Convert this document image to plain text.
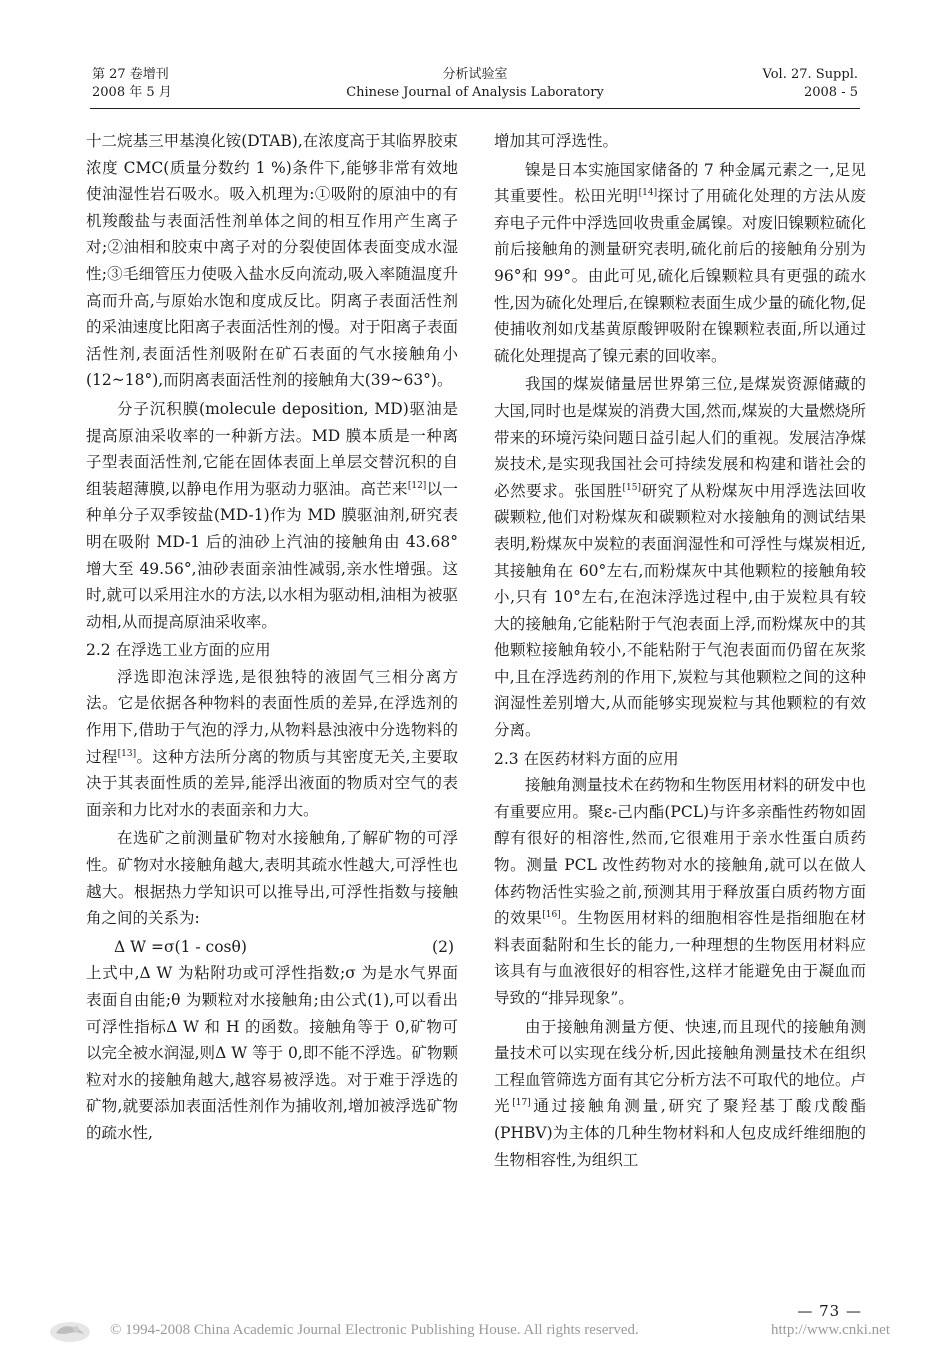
第 27 卷增刊
2008 年 5 月
分析试验室
Chinese Journal of Analysis Laboratory
Vol. 27. Suppl.
2008 - 5

十二烷基三甲基溴化铵(DTAB),在浓度高于其临界胶束浓度 CMC(质量分数约 1 %)条件下,能够非常有效地使油湿性岩石吸水。吸入机理为:①吸附的原油中的有机羧酸盐与表面活性剂单体之间的相互作用产生离子对;②油相和胶束中离子对的分裂使固体表面变成水湿性;③毛细管压力使吸入盐水反向流动,吸入率随温度升高而升高,与原始水饱和度成反比。阴离子表面活性剂的采油速度比阳离子表面活性剂的慢。对于阳离子表面活性剂,表面活性剂吸附在矿石表面的气水接触角小(12~18°),而阴离表面活性剂的接触角大(39~63°)。

分子沉积膜(molecule deposition, MD)驱油是提高原油采收率的一种新方法。MD 膜本质是一种离子型表面活性剂,它能在固体表面上单层交替沉积的自组装超薄膜,以静电作用为驱动力驱油。高芒来[12]以一种单分子双季铵盐(MD-1)作为 MD 膜驱油剂,研究表明在吸附 MD-1 后的油砂上汽油的接触角由 43.68°增大至 49.56°,油砂表面亲油性减弱,亲水性增强。这时,就可以采用注水的方法,以水相为驱动相,油相为被驱动相,从而提高原油采收率。

2.2 在浮选工业方面的应用

浮选即泡沫浮选,是很独特的液固气三相分离方法。它是依据各种物料的表面性质的差异,在浮选剂的作用下,借助于气泡的浮力,从物料悬浊液中分选物料的过程[13]。这种方法所分离的物质与其密度无关,主要取决于其表面性质的差异,能浮出液面的物质对空气的表面亲和力比对水的表面亲和力大。

在选矿之前测量矿物对水接触角,了解矿物的可浮性。矿物对水接触角越大,表明其疏水性越大,可浮性也越大。根据热力学知识可以推导出,可浮性指数与接触角之间的关系为:

Δ W =σ(1 - cosθ)	(2)

上式中,Δ W 为粘附功或可浮性指数;σ 为是水气界面表面自由能;θ 为颗粒对水接触角;由公式(1),可以看出可浮性指标Δ W 和 H 的函数。接触角等于 0,矿物可以完全被水润湿,则Δ W 等于 0,即不能不浮选。矿物颗粒对水的接触角越大,越容易被浮选。对于难于浮选的矿物,就要添加表面活性剂作为捕收剂,增加被浮选矿物的疏水性,

增加其可浮选性。

镍是日本实施国家储备的 7 种金属元素之一,足见其重要性。松田光明[14]探讨了用硫化处理的方法从废弃电子元件中浮选回收贵重金属镍。对废旧镍颗粒硫化前后接触角的测量研究表明,硫化前后的接触角分别为 96°和 99°。由此可见,硫化后镍颗粒具有更强的疏水性,因为硫化处理后,在镍颗粒表面生成少量的硫化物,促使捕收剂如戊基黄原酸钾吸附在镍颗粒表面,所以通过硫化处理提高了镍元素的回收率。

我国的煤炭储量居世界第三位,是煤炭资源储藏的大国,同时也是煤炭的消费大国,然而,煤炭的大量燃烧所带来的环境污染问题日益引起人们的重视。发展洁净煤炭技术,是实现我国社会可持续发展和构建和谐社会的必然要求。张国胜[15]研究了从粉煤灰中用浮选法回收碳颗粒,他们对粉煤灰和碳颗粒对水接触角的测试结果表明,粉煤灰中炭粒的表面润湿性和可浮性与煤炭相近,其接触角在 60°左右,而粉煤灰中其他颗粒的接触角较小,只有 10°左右,在泡沫浮选过程中,由于炭粒具有较大的接触角,它能粘附于气泡表面上浮,而粉煤灰中的其他颗粒接触角较小,不能粘附于气泡表面而仍留在灰浆中,且在浮选药剂的作用下,炭粒与其他颗粒之间的这种润湿性差别增大,从而能够实现炭粒与其他颗粒的有效分离。

2.3 在医药材料方面的应用

接触角测量技术在药物和生物医用材料的研发中也有重要应用。聚ε-己内酯(PCL)与许多亲酯性药物如固醇有很好的相溶性,然而,它很难用于亲水性蛋白质药物。测量 PCL 改性药物对水的接触角,就可以在做人体药物活性实验之前,预测其用于释放蛋白质药物方面的效果[16]。生物医用材料的细胞相容性是指细胞在材料表面黏附和生长的能力,一种理想的生物医用材料应该具有与血液很好的相容性,这样才能避免由于凝血而导致的“排异现象”。

由于接触角测量方便、快速,而且现代的接触角测量技术可以实现在线分析,因此接触角测量技术在组织工程血管筛选方面有其它分析方法不可取代的地位。卢光[17]通过接触角测量,研究了聚羟基丁酸戊酸酯(PHBV)为主体的几种生物材料和人包皮成纤维细胞的生物相容性,为组织工

— 73 —
© 1994-2008 China Academic Journal Electronic Publishing House. All rights reserved.	http://www.cnki.net
